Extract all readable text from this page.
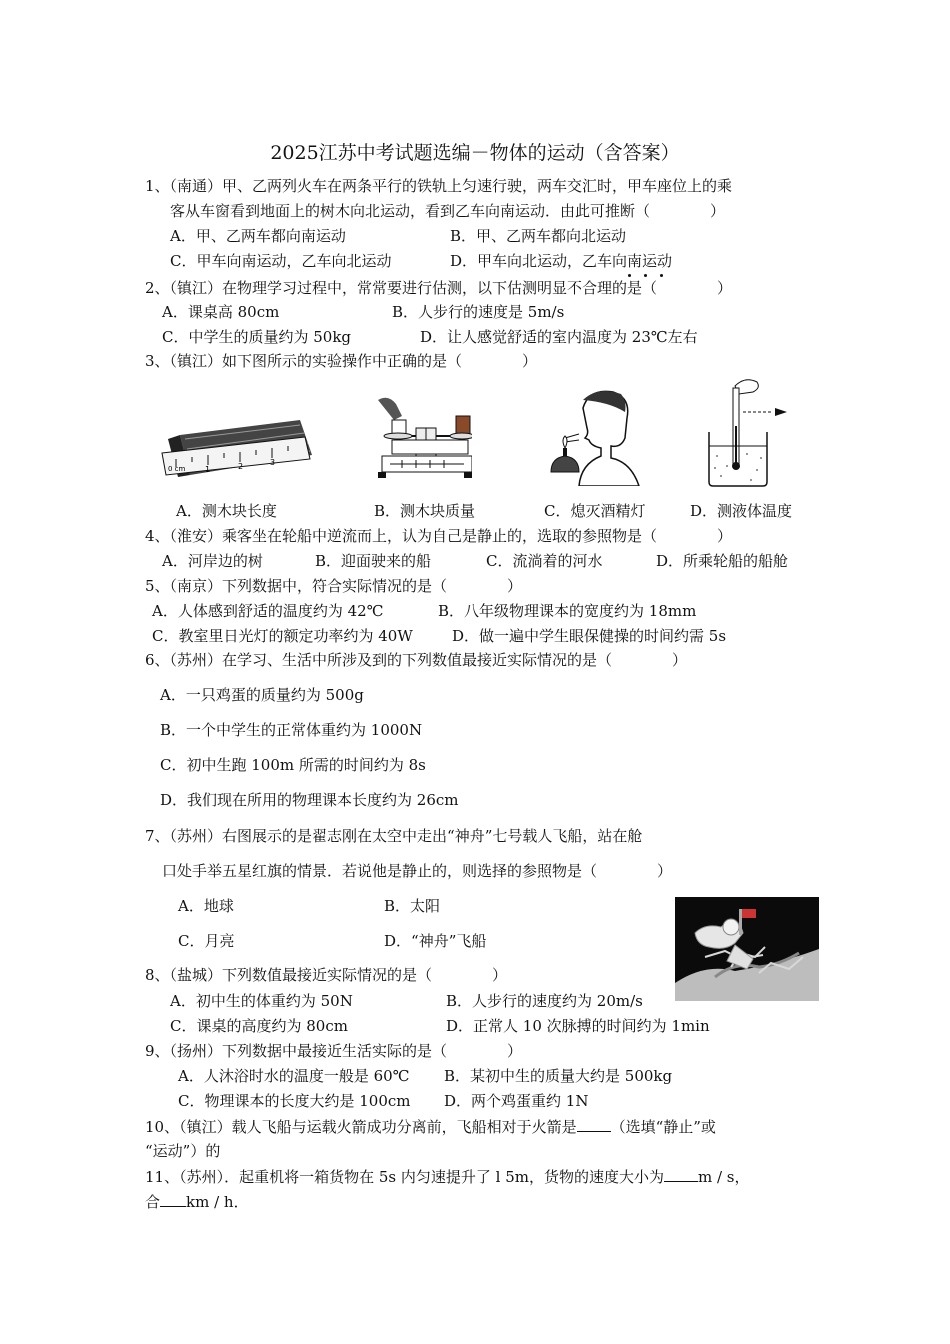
2025江苏中考试题选编－物体的运动（含答案）
1、（南通）甲、乙两列火车在两条平行的铁轨上匀速行驶，两车交汇时，甲车座位上的乘
客从车窗看到地面上的树木向北运动，看到乙车向南运动．由此可推断（　　　　）
A．甲、乙两车都向南运动	B．甲、乙两车都向北运动
C．甲车向南运动，乙车向北运动	D．甲车向北运动，乙车向南运动
2、（镇江）在物理学习过程中，常常要进行估测，以下估测明显不合理的是（　　　　）
A．课桌高 80cm	B．人步行的速度是 5m/s
C．中学生的质量约为 50kg	D．让人感觉舒适的室内温度为 23℃左右
3、（镇江）如下图所示的实验操作中正确的是（　　　　）
0 cm 1	2	3
A．测木块长度	B．测木块质量	C．熄灭酒精灯	D．测液体温度
4、（淮安）乘客坐在轮船中逆流而上，认为自己是静止的，选取的参照物是（　　　　）
A．河岸边的树	B．迎面驶来的船	C．流淌着的河水	D．所乘轮船的船舱
5、（南京）下列数据中，符合实际情况的是（　　　　）
A．人体感到舒适的温度约为 42℃	B．八年级物理课本的宽度约为 18mm
C．教室里日光灯的额定功率约为 40W	D．做一遍中学生眼保健操的时间约需 5s
6、（苏州）在学习、生活中所涉及到的下列数值最接近实际情况的是（　　　　）
A．一只鸡蛋的质量约为 500g
B．一个中学生的正常体重约为 1000N
C．初中生跑 100m 所需的时间约为 8s
D．我们现在所用的物理课本长度约为 26cm
7、（苏州）右图展示的是翟志刚在太空中走出“神舟”七号载人飞船，站在舱
口处手举五星红旗的情景．若说他是静止的，则选择的参照物是（　　　　）
A．地球	B．太阳
C．月亮	D．“神舟”飞船
8、（盐城）下列数值最接近实际情况的是（　　　　）
A．初中生的体重约为 50N	B．人步行的速度约为 20m/s
C．课桌的高度约为 80cm	D．正常人 10 次脉搏的时间约为 1min
9、（扬州）下列数据中最接近生活实际的是（　　　　）
A．人沐浴时水的温度一般是 60℃ B．某初中生的质量大约是 500kg
C．物理课本的长度大约是 100cm D．两个鸡蛋重约 1N
10、（镇江）载人飞船与运载火箭成功分离前，飞船相对于火箭是 （选填“静止”或
“运动”）的
11、（苏州）．起重机将一箱货物在 5s 内匀速提升了 l 5m，货物的速度大小为 m / s，
合 km / h．
